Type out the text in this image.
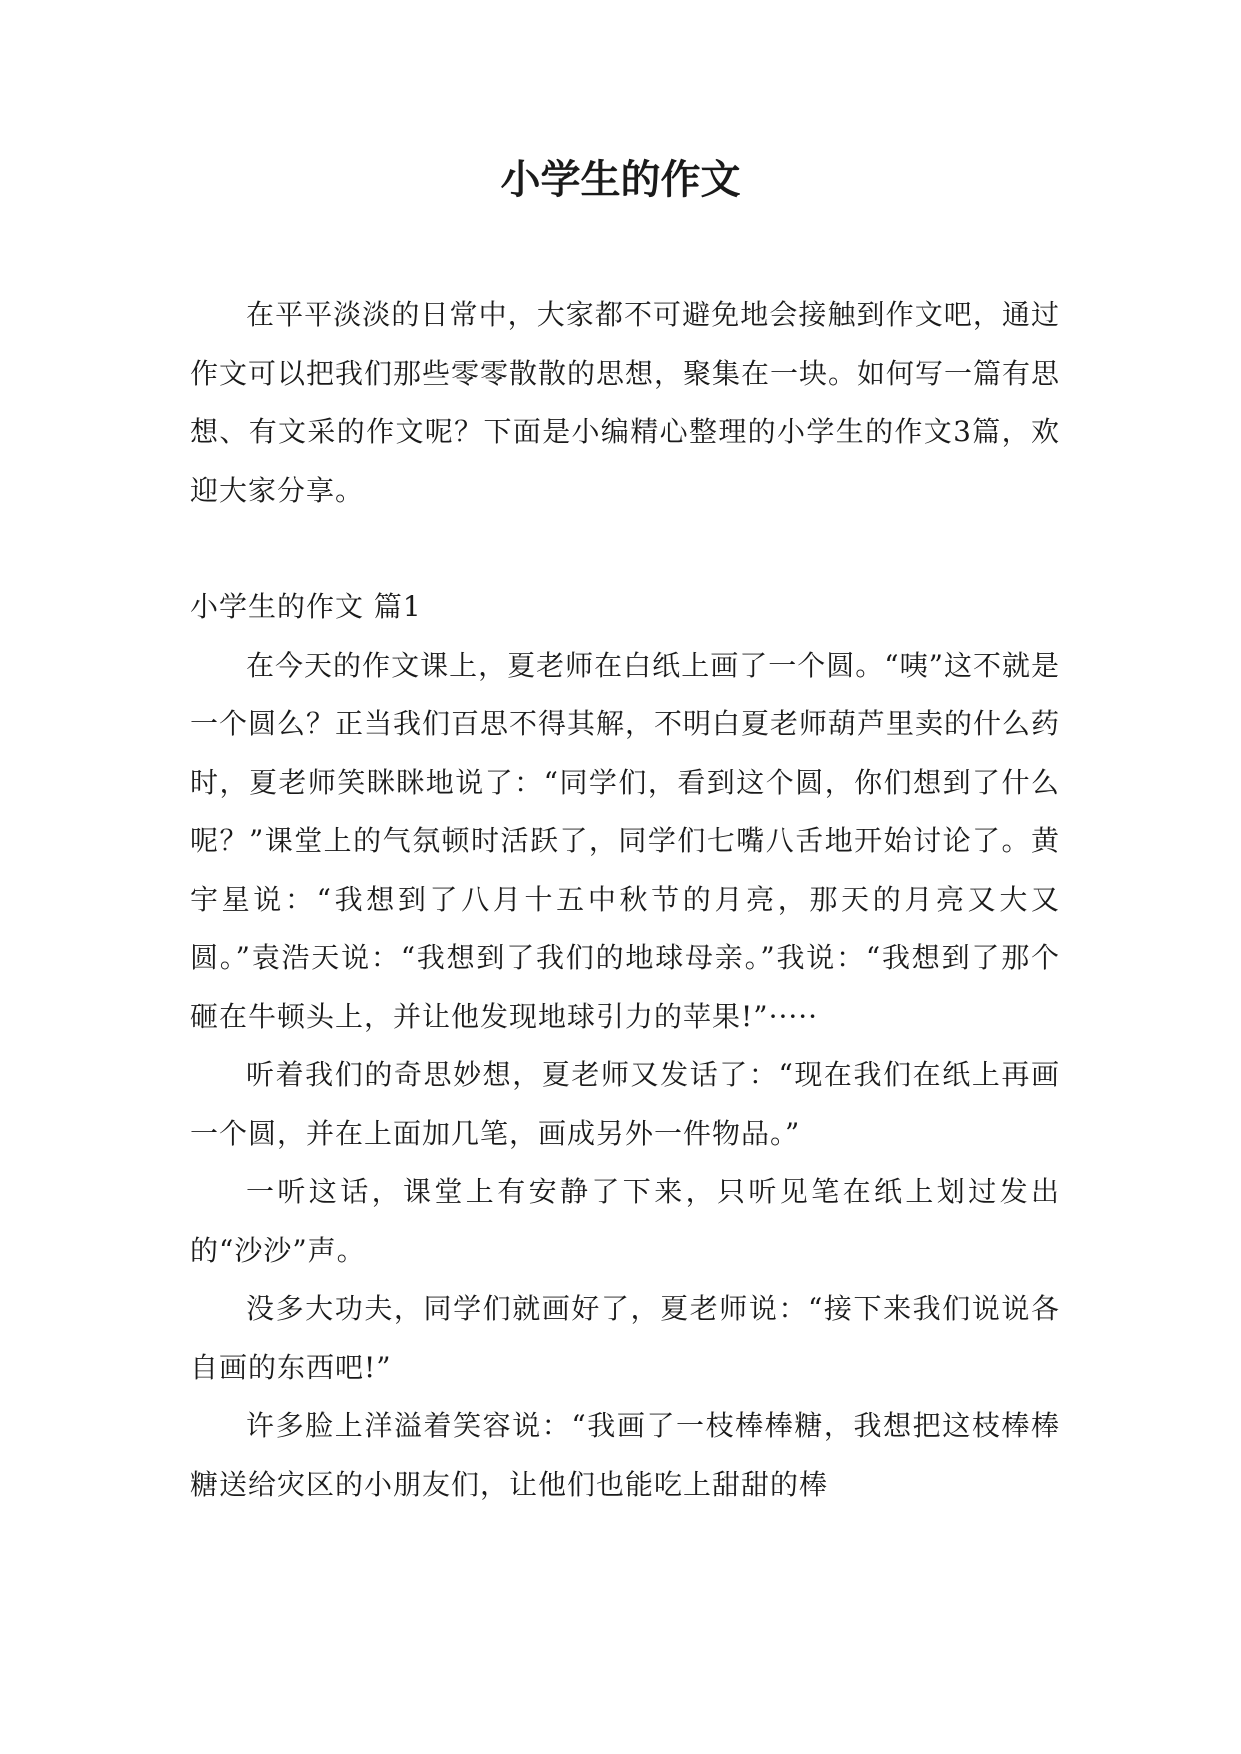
小学生的作文

在平平淡淡的日常中，大家都不可避免地会接触到作文吧，通过作文可以把我们那些零零散散的思想，聚集在一块。如何写一篇有思想、有文采的作文呢？下面是小编精心整理的小学生的作文3篇，欢迎大家分享。

小学生的作文 篇1

在今天的作文课上，夏老师在白纸上画了一个圆。“咦”这不就是一个圆么？正当我们百思不得其解，不明白夏老师葫芦里卖的什么药时，夏老师笑眯眯地说了：“同学们，看到这个圆，你们想到了什么呢？”课堂上的气氛顿时活跃了，同学们七嘴八舌地开始讨论了。黄宇星说：“我想到了八月十五中秋节的月亮，那天的月亮又大又圆。”袁浩天说：“我想到了我们的地球母亲。”我说：“我想到了那个砸在牛顿头上，并让他发现地球引力的苹果!”·····

听着我们的奇思妙想，夏老师又发话了：“现在我们在纸上再画一个圆，并在上面加几笔，画成另外一件物品。”

一听这话，课堂上有安静了下来，只听见笔在纸上划过发出的“沙沙”声。

没多大功夫，同学们就画好了，夏老师说：“接下来我们说说各自画的东西吧!”

许多脸上洋溢着笑容说：“我画了一枝棒棒糖，我想把这枝棒棒糖送给灾区的小朋友们，让他们也能吃上甜甜的棒
